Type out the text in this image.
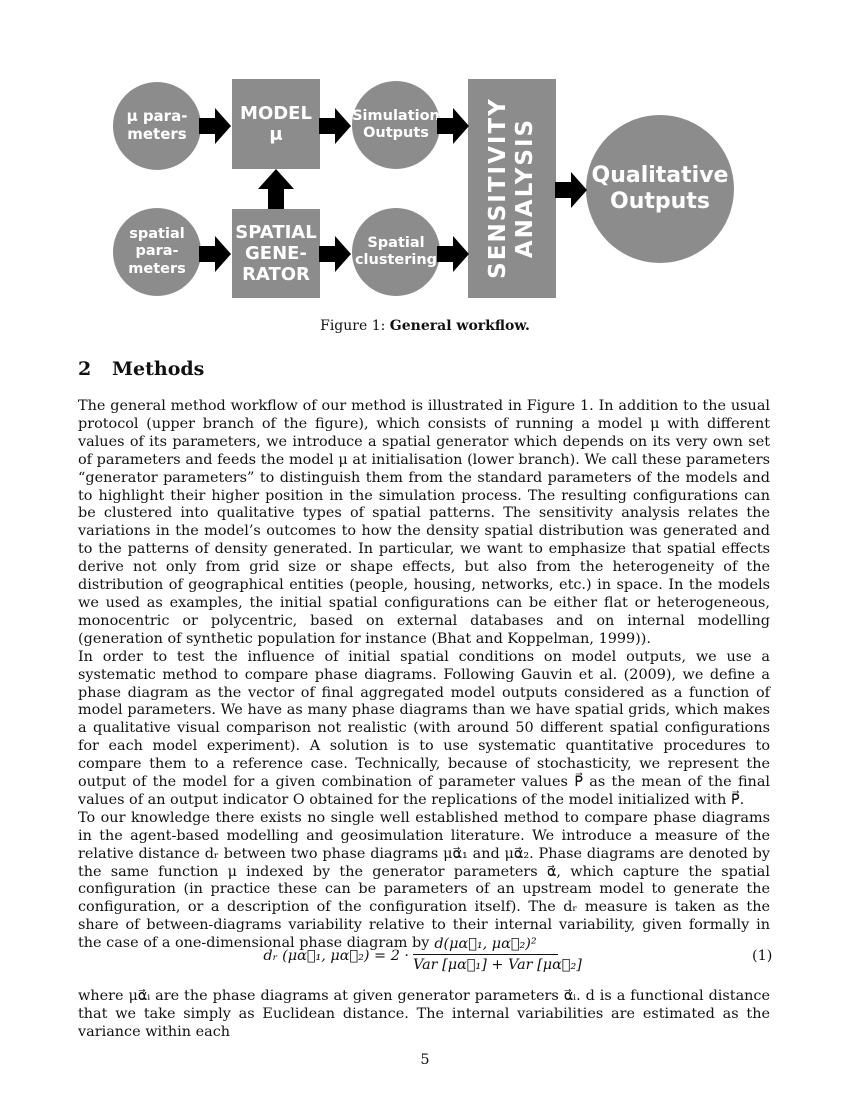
μ para-
meters
MODEL
μ
Simulation
Outputs
spatial
para-
meters
SPATIAL
GENE-
RATOR
Spatial
clustering SENSITIVITY
ANALYSIS Qualitative
Outputs
Figure 1: General workflow.
2 Methods

The general method workflow of our method is illustrated in Figure 1. In addition to the usual protocol (upper branch of the figure), which consists of running a model μ with different values of its parameters, we introduce a spatial generator which depends on its very own set of parameters and feeds the model μ at initialisation (lower branch). We call these parameters “generator parameters” to distinguish them from the standard parameters of the models and to highlight their higher position in the simulation process. The resulting configurations can be clustered into qualitative types of spatial patterns. The sensitivity analysis relates the variations in the model’s outcomes to how the density spatial distribution was generated and to the patterns of density generated. In particular, we want to emphasize that spatial effects derive not only from grid size or shape effects, but also from the heterogeneity of the distribution of geographical entities (people, housing, networks, etc.) in space. In the models we used as examples, the initial spatial configurations can be either flat or heterogeneous, monocentric or polycentric, based on external databases and on internal modelling (generation of synthetic population for instance (Bhat and Koppelman, 1999)).

In order to test the influence of initial spatial conditions on model outputs, we use a systematic method to compare phase diagrams. Following Gauvin et al. (2009), we define a phase diagram as the vector of final aggregated model outputs considered as a function of model parameters. We have as many phase diagrams than we have spatial grids, which makes a qualitative visual comparison not realistic (with around 50 different spatial configurations for each model experiment). A solution is to use systematic quantitative procedures to compare them to a reference case. Technically, because of stochasticity, we represent the output of the model for a given combination of parameter values P⃗ as the mean of the final values of an output indicator O obtained for the replications of the model initialized with P⃗.

To our knowledge there exists no single well established method to compare phase diagrams in the agent-based modelling and geosimulation literature. We introduce a measure of the relative distance dᵣ between two phase diagrams μα⃗₁ and μα⃗₂. Phase diagrams are denoted by the same function μ indexed by the generator parameters α⃗, which capture the spatial configuration (in practice these can be parameters of an upstream model to generate the configuration, or a description of the configuration itself). The dᵣ measure is taken as the share of between-diagrams variability relative to their internal variability, given formally in the case of a one-dimensional phase diagram by

dᵣ (μα⃗₁, μα⃗₂) = 2 ·
d(μα⃗₁, μα⃗₂)²
Var [μα⃗₁] + Var [μα⃗₂]
(1)

where μα⃗ᵢ are the phase diagrams at given generator parameters α⃗ᵢ. d is a functional distance that we take simply as Euclidean distance. The internal variabilities are estimated as the variance within each

5
